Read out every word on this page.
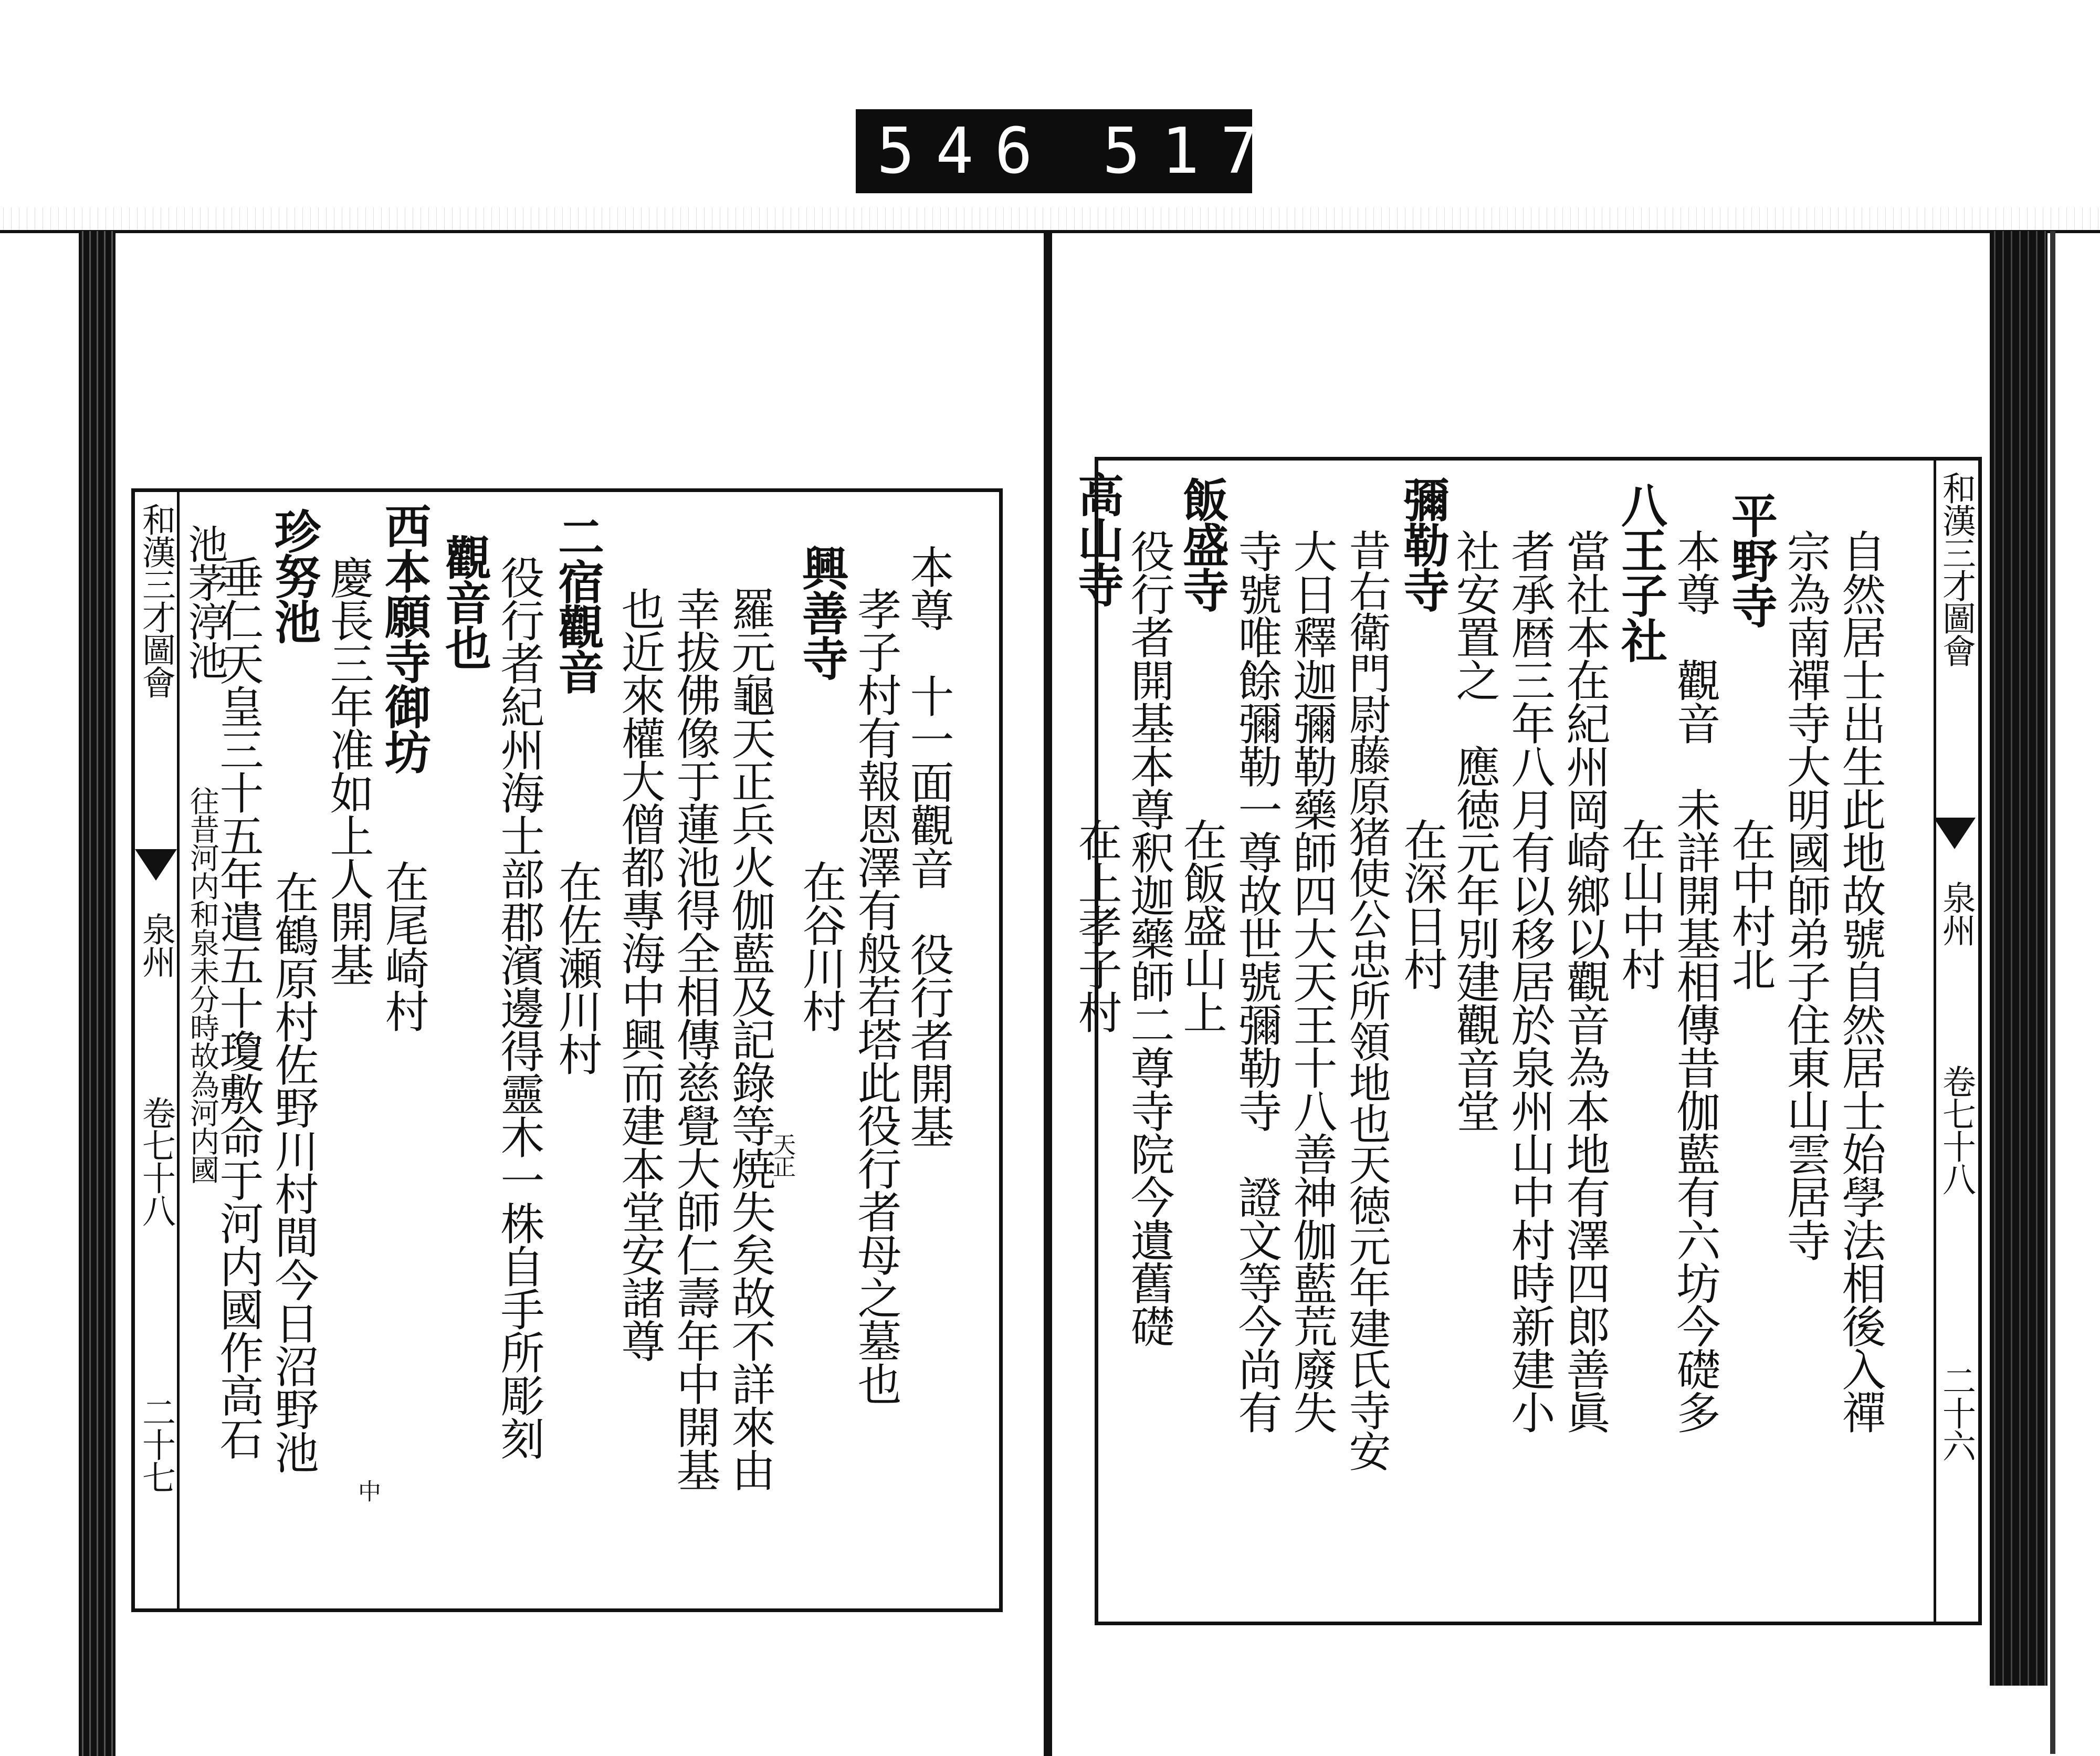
546 517.
和漢三才圖會
泉州
卷七十八
二十七
本尊　十一面觀音　役行者開基
孝子村有報恩澤有般若塔此役行者母之墓也
興善寺
在谷川村
天正
羅元龜天正兵火伽藍及記錄等焼失矣故不詳來由
幸拔佛像于蓮池得全相傳慈覺大師仁壽年中開基
也近來權大僧都專海中興而建本堂安諸尊
二宿觀音
在佐瀬川村
役行者紀州海士部郡濱邊得靈木一株自手所彫刻
觀音也
西本願寺御坊
在尾崎村
慶長三年准如上人開基
珍努池
在鶴原村佐野川村間今日沼野池
垂仁天皇三十五年遣五十瓊敷命于河内國作高石
池茅渟池
往昔河内和泉未分時故為河内國
中
和漢三才圖會
泉州
卷七十八
二十六
自然居士出生此地故號自然居士始學法相後入禪
宗為南禪寺大明國師弟子住東山雲居寺
平野寺
在中村北
本尊　觀音　未詳開基相傳昔伽藍有六坊今礎多
八王子社
在山中村
當社本在紀州岡崎鄉以觀音為本地有澤四郎善眞
者承暦三年八月有以移居於泉州山中村時新建小
社安置之　應徳元年別建觀音堂
彌勒寺
在深日村
昔右衛門尉藤原猪使公忠所領地也天徳元年建氏寺安
大日釋迦彌勒藥師四大天王十八善神伽藍荒廢失
寺號唯餘彌勒一尊故世號彌勒寺　證文等今尚有
飯盛寺
在飯盛山上
役行者開基本尊釈迦藥師二尊寺院今遺舊礎
高山寺
在上孝子村
